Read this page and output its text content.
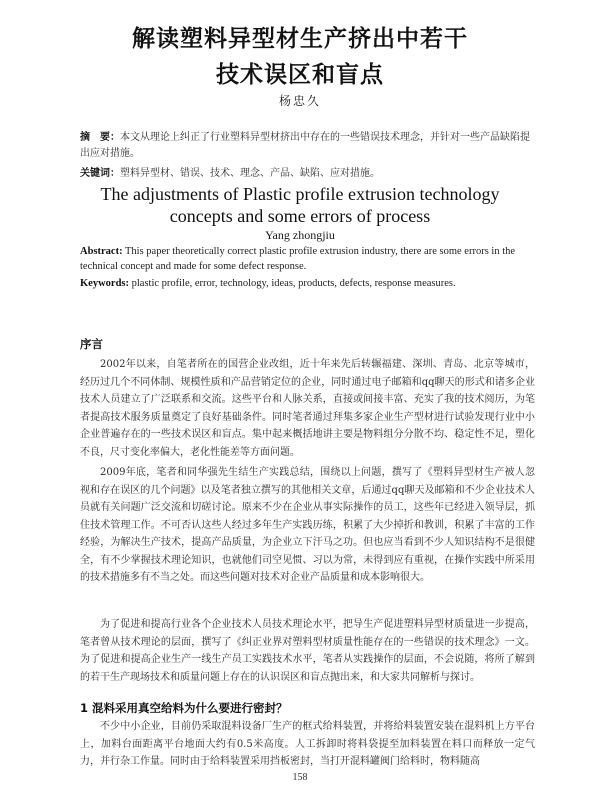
解读塑料异型材生产挤出中若干
技术误区和盲点
杨忠久
摘　要：本文从理论上纠正了行业塑料异型材挤出中存在的一些错误技术理念，并针对一些产品缺陷提出应对措施。
关键词：塑料异型材、错误、技术、理念、产品、缺陷、应对措施。
The adjustments of Plastic profile extrusion technology
concepts and some errors of process
Yang zhongjiu
Abstract: This paper theoretically correct plastic profile extrusion industry, there are some errors in the technical concept and made for some defect response.
Keywords: plastic profile, error, technology, ideas, products, defects, response measures.
序言

2002年以来，自笔者所在的国营企业改组，近十年来先后转辗福建、深圳、青岛、北京等城市，经历过几个不同体制、规模性质和产品营销定位的企业，同时通过电子邮箱和qq聊天的形式和诸多企业技术人员建立了广泛联系和交流。这些平台和人脉关系，直接或间接丰富、充实了我的技术阅历，为笔者提高技术服务质量奠定了良好基础条件。同时笔者通过拜集多家企业生产型材进行试验发现行业中小企业普遍存在的一些技术误区和盲点。集中起来概括地讲主要是物料组分分散不均、稳定性不足，塑化不良，尺寸变化率偏大，老化性能差等方面问题。

2009年底，笔者和同华强先生结生产实践总结，围绕以上问题，撰写了《塑料异型材生产被人忽视和存在误区的几个问题》以及笔者独立撰写的其他相关文章，后通过qq聊天及邮箱和不少企业技术人员就有关问题广泛交流和切磋讨论。原来不少在企业从事实际操作的员工，这些年已经进入领导层，抓住技术管理工作。不可否认这些人经过多年生产实践历练，积累了大少掉折和教训，积累了丰富的工作经验，为解决生产技术，提高产品质量，为企业立下汗马之功。但也应当看到不少人知识结构不是很健全，有不少掌握技术理论知识，也就他们司空见惯、习以为常，未得到应有重视，在操作实践中所采用的技术措施多有不当之处。而这些问题对技术对企业产品质量和成本影响很大。

为了促进和提高行业各个企业技术人员技术理论水平，把导生产促进塑料异型材质量进一步提高，笔者曾从技术理论的层面，撰写了《纠正业界对塑料型材质量性能存在的一些错误的技术理念》一文。为了促进和提高企业生产一线生产员工实践技术水平，笔者从实践操作的层面，不会说随，将所了解到的若干生产现场技术和质量问题上存在的认识误区和盲点抛出来，和大家共同解析与探讨。

1 混料采用真空给料为什么要进行密封？

不少中小企业，目前仍采取混料设备厂生产的框式给料装置，并将给料装置安装在混料机上方平台上，加料台面距离平台地面大约有0.5米高度。人工拆卸时将料袋提至加料装置在料口而释放一定气力，并行杂工作量。同时由于给料装置采用挡板密封，当打开混料罐阀门给料时，物料随高

158
